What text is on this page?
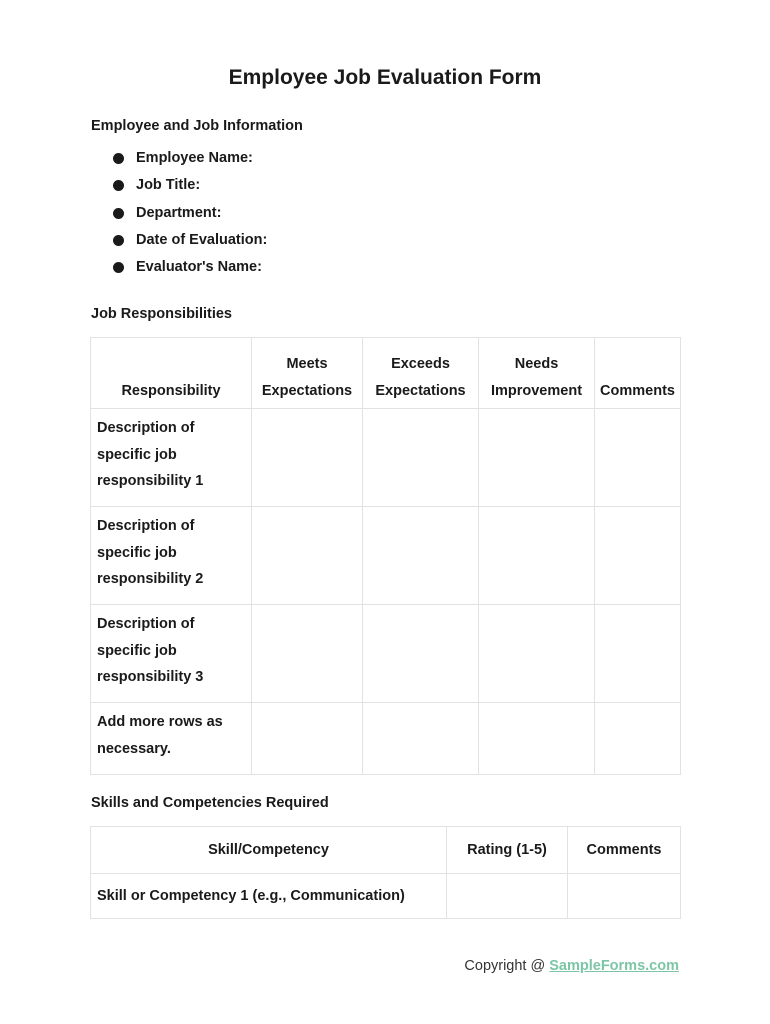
Employee Job Evaluation Form
Employee and Job Information
Employee Name:
Job Title:
Department:
Date of Evaluation:
Evaluator's Name:
Job Responsibilities
Responsibility	Meets Expectations	Exceeds Expectations	Needs Improvement	Comments
Description of specific job responsibility 1				
Description of specific job responsibility 2				
Description of specific job responsibility 3				
Add more rows as necessary.				
Skills and Competencies Required
Skill/Competency	Rating (1-5)	Comments
Skill or Competency 1 (e.g., Communication)		
Copyright @ SampleForms.com
